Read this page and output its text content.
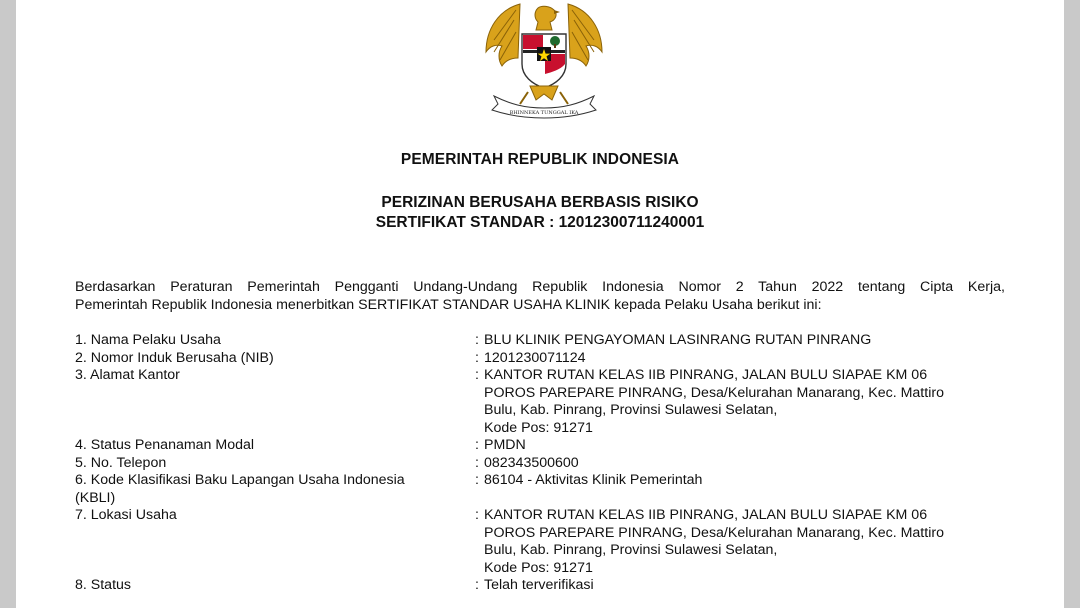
BHINNEKA TUNGGAL IKA
PEMERINTAH REPUBLIK INDONESIA
PERIZINAN BERUSAHA BERBASIS RISIKO
SERTIFIKAT STANDAR : 12012300711240001
Berdasarkan Peraturan Pemerintah Pengganti Undang-Undang Republik Indonesia Nomor 2 Tahun 2022 tentang Cipta Kerja,
Pemerintah Republik Indonesia menerbitkan SERTIFIKAT STANDAR USAHA KLINIK kepada Pelaku Usaha berikut ini:
1. Nama Pelaku Usaha	: BLU KLINIK PENGAYOMAN LASINRANG RUTAN PINRANG
2. Nomor Induk Berusaha (NIB)	: 1201230071124
3. Alamat Kantor	: KANTOR RUTAN KELAS IIB PINRANG, JALAN BULU SIAPAE KM 06
POROS PAREPARE PINRANG, Desa/Kelurahan Manarang, Kec. Mattiro
Bulu, Kab. Pinrang, Provinsi Sulawesi Selatan,
Kode Pos: 91271
4. Status Penanaman Modal	: PMDN
5. No. Telepon	: 082343500600
6. Kode Klasifikasi Baku Lapangan Usaha Indonesia
(KBLI)
: 86104 - Aktivitas Klinik Pemerintah
7. Lokasi Usaha	: KANTOR RUTAN KELAS IIB PINRANG, JALAN BULU SIAPAE KM 06
POROS PAREPARE PINRANG, Desa/Kelurahan Manarang, Kec. Mattiro
Bulu, Kab. Pinrang, Provinsi Sulawesi Selatan,
Kode Pos: 91271
8. Status	: Telah terverifikasi
